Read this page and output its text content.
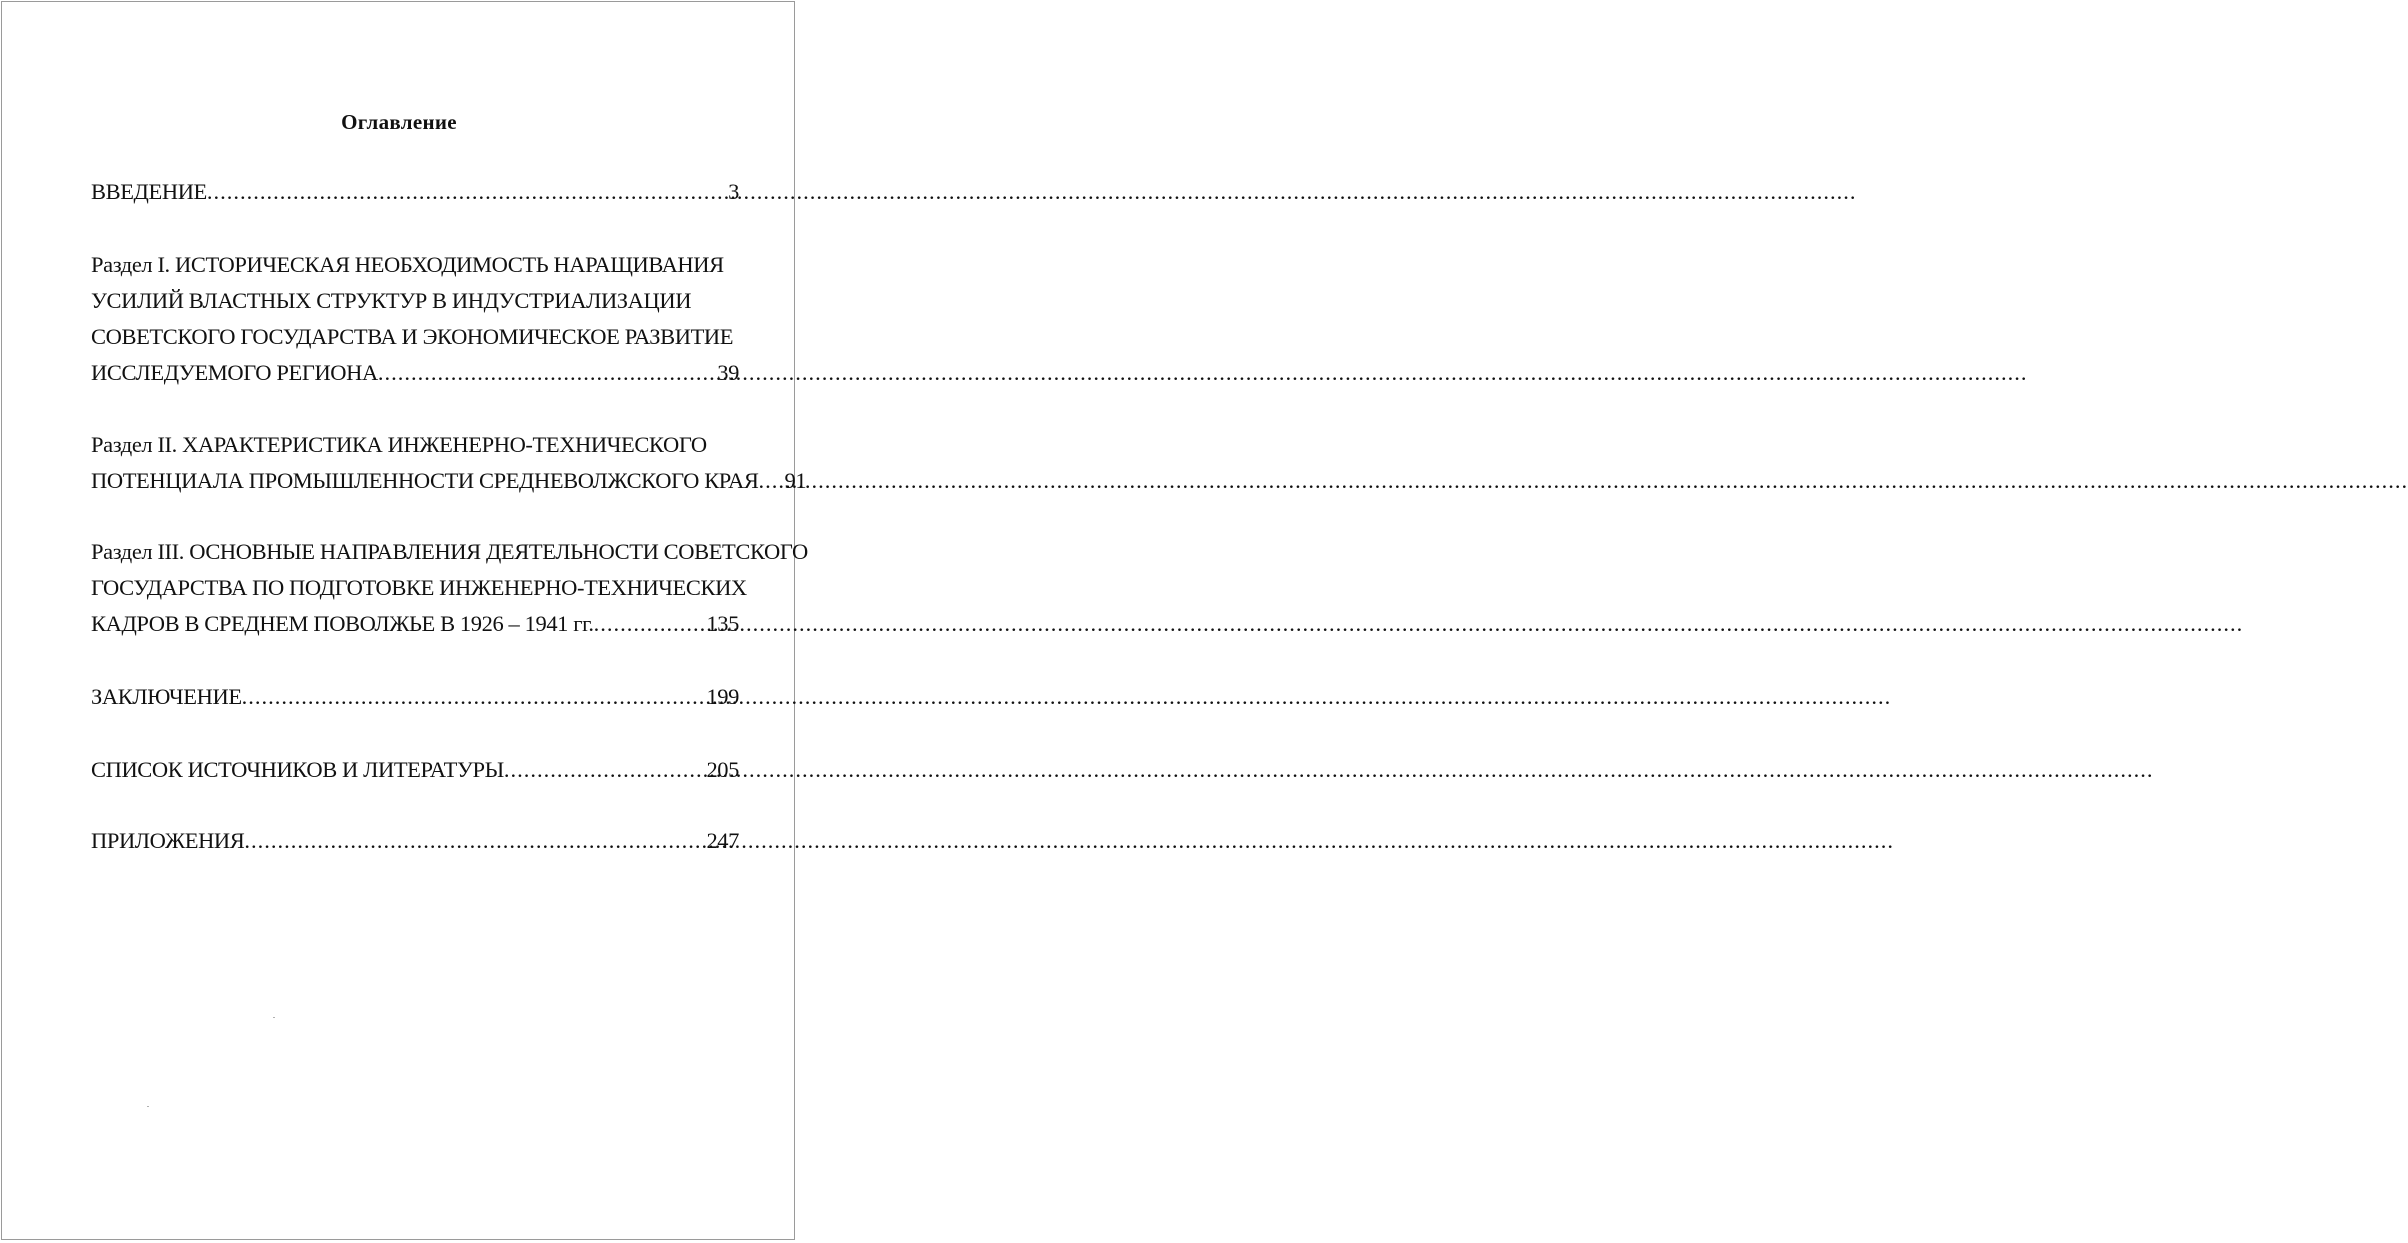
Оглавление
ВВЕДЕНИЕ .....	3
Раздел I. ИСТОРИЧЕСКАЯ НЕОБХОДИМОСТЬ НАРАЩИВАНИЯ
УСИЛИЙ ВЛАСТНЫХ СТРУКТУР В ИНДУСТРИАЛИЗАЦИИ
СОВЕТСКОГО ГОСУДАРСТВА И ЭКОНОМИЧЕСКОЕ РАЗВИТИЕ
ИССЛЕДУЕМОГО РЕГИОНА .....	39
Раздел II. ХАРАКТЕРИСТИКА ИНЖЕНЕРНО-ТЕХНИЧЕСКОГО
ПОТЕНЦИАЛА ПРОМЫШЛЕННОСТИ СРЕДНЕВОЛЖСКОГО КРАЯ ..... 91
Раздел III. ОСНОВНЫЕ НАПРАВЛЕНИЯ ДЕЯТЕЛЬНОСТИ СОВЕТСКОГО
ГОСУДАРСТВА ПО ПОДГОТОВКЕ ИНЖЕНЕРНО-ТЕХНИЧЕСКИХ
КАДРОВ В СРЕДНЕМ ПОВОЛЖЬЕ В 1926 – 1941 гг. .....	135
ЗАКЛЮЧЕНИЕ .....	199
СПИСОК ИСТОЧНИКОВ И ЛИТЕРАТУРЫ .....	205
ПРИЛОЖЕНИЯ .....	247
